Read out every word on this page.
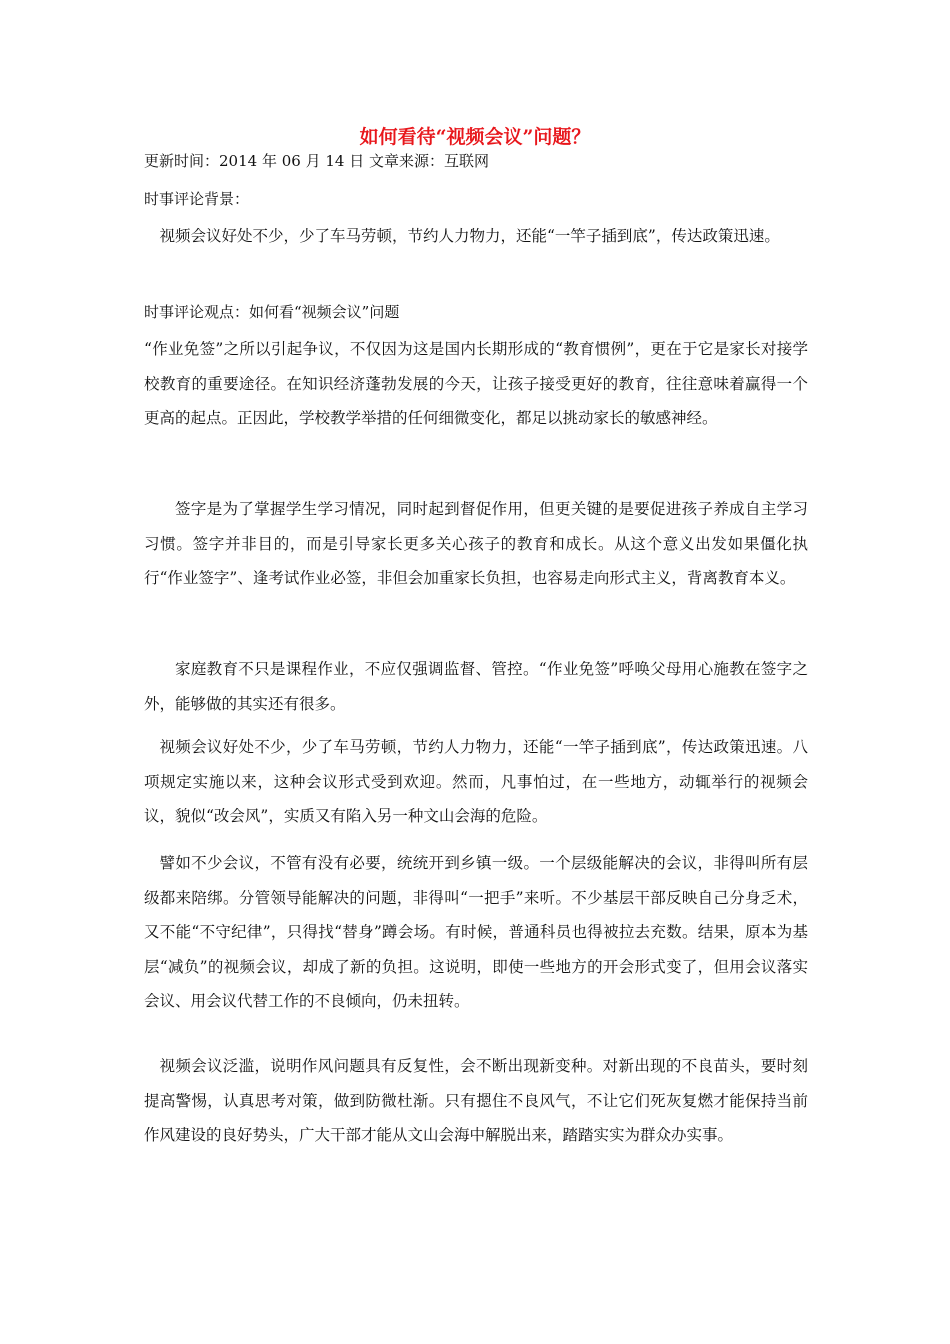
如何看待“视频会议”问题？
更新时间：2014 年 06 月 14 日 文章来源：互联网
时事评论背景：

视频会议好处不少，少了车马劳顿，节约人力物力，还能“一竿子插到底”，传达政策迅速。

时事评论观点：如何看“视频会议”问题

“作业免签”之所以引起争议，不仅因为这是国内长期形成的“教育惯例”，更在于它是家长对接学校教育的重要途径。在知识经济蓬勃发展的今天，让孩子接受更好的教育，往往意味着赢得一个更高的起点。正因此，学校教学举措的任何细微变化，都足以挑动家长的敏感神经。

签字是为了掌握学生学习情况，同时起到督促作用，但更关键的是要促进孩子养成自主学习习惯。签字并非目的，而是引导家长更多关心孩子的教育和成长。从这个意义出发如果僵化执行“作业签字”、逢考试作业必签，非但会加重家长负担，也容易走向形式主义，背离教育本义。

家庭教育不只是课程作业，不应仅强调监督、管控。“作业免签”呼唤父母用心施教在签字之外，能够做的其实还有很多。

视频会议好处不少，少了车马劳顿，节约人力物力，还能“一竿子插到底”，传达政策迅速。八项规定实施以来，这种会议形式受到欢迎。然而，凡事怕过，在一些地方，动辄举行的视频会议，貌似“改会风”，实质又有陷入另一种文山会海的危险。

譬如不少会议，不管有没有必要，统统开到乡镇一级。一个层级能解决的会议，非得叫所有层级都来陪绑。分管领导能解决的问题，非得叫“一把手”来听。不少基层干部反映自己分身乏术，又不能“不守纪律”，只得找“替身”蹲会场。有时候，普通科员也得被拉去充数。结果，原本为基层“减负”的视频会议，却成了新的负担。这说明，即使一些地方的开会形式变了，但用会议落实会议、用会议代替工作的不良倾向，仍未扭转。

视频会议泛滥，说明作风问题具有反复性，会不断出现新变种。对新出现的不良苗头，要时刻提高警惕，认真思考对策，做到防微杜渐。只有摁住不良风气，不让它们死灰复燃才能保持当前作风建设的良好势头，广大干部才能从文山会海中解脱出来，踏踏实实为群众办实事。
